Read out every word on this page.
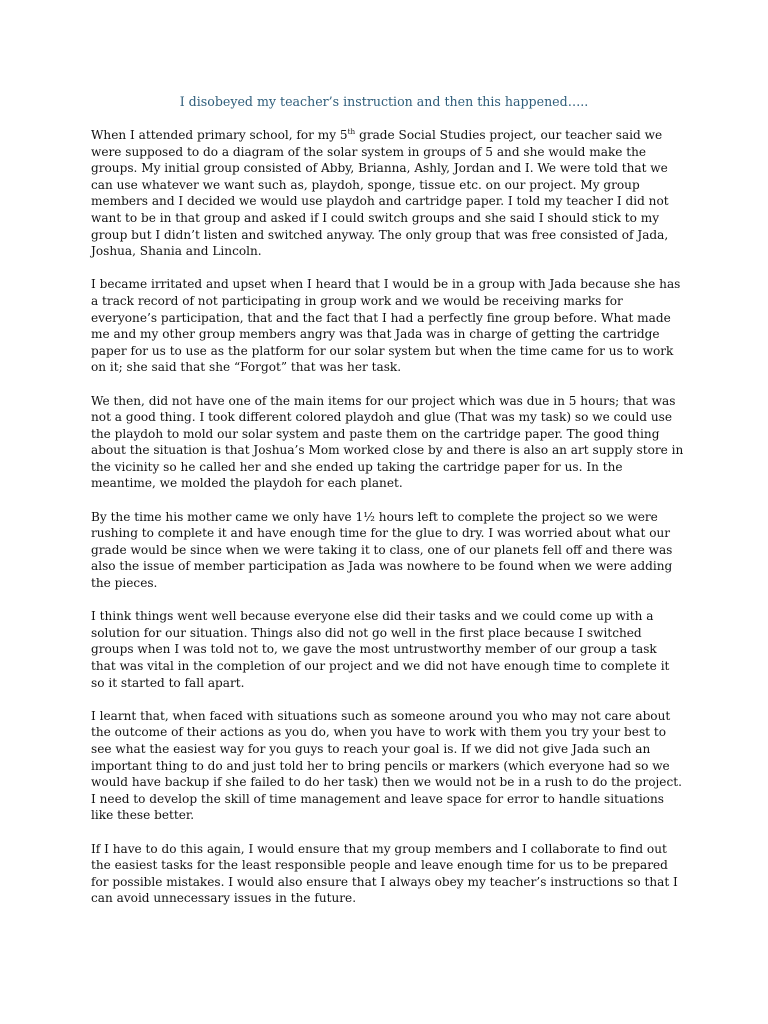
I disobeyed my teacher’s instruction and then this happened…..

When I attended primary school, for my 5th grade Social Studies project, our teacher said we were supposed to do a diagram of the solar system in groups of 5 and she would make the groups. My initial group consisted of Abby, Brianna, Ashly, Jordan and I. We were told that we can use whatever we want such as, playdoh, sponge, tissue etc. on our project. My group members and I decided we would use playdoh and cartridge paper. I told my teacher I did not want to be in that group and asked if I could switch groups and she said I should stick to my group but I didn’t listen and switched anyway. The only group that was free consisted of Jada, Joshua, Shania and Lincoln.

I became irritated and upset when I heard that I would be in a group with Jada because she has a track record of not participating in group work and we would be receiving marks for everyone’s participation, that and the fact that I had a perfectly fine group before. What made me and my other group members angry was that Jada was in charge of getting the cartridge paper for us to use as the platform for our solar system but when the time came for us to work on it; she said that she “Forgot” that was her task.

We then, did not have one of the main items for our project which was due in 5 hours; that was not a good thing. I took different colored playdoh and glue (That was my task) so we could use the playdoh to mold our solar system and paste them on the cartridge paper. The good thing about the situation is that Joshua’s Mom worked close by and there is also an art supply store in the vicinity so he called her and she ended up taking the cartridge paper for us. In the meantime, we molded the playdoh for each planet.

By the time his mother came we only have 1½ hours left to complete the project so we were rushing to complete it and have enough time for the glue to dry. I was worried about what our grade would be since when we were taking it to class, one of our planets fell off and there was also the issue of member participation as Jada was nowhere to be found when we were adding the pieces.

I think things went well because everyone else did their tasks and we could come up with a solution for our situation. Things also did not go well in the first place because I switched groups when I was told not to, we gave the most untrustworthy member of our group a task that was vital in the completion of our project and we did not have enough time to complete it so it started to fall apart.

I learnt that, when faced with situations such as someone around you who may not care about the outcome of their actions as you do, when you have to work with them you try your best to see what the easiest way for you guys to reach your goal is. If we did not give Jada such an important thing to do and just told her to bring pencils or markers (which everyone had so we would have backup if she failed to do her task) then we would not be in a rush to do the project. I need to develop the skill of time management and leave space for error to handle situations like these better.

If I have to do this again, I would ensure that my group members and I collaborate to find out the easiest tasks for the least responsible people and leave enough time for us to be prepared for possible mistakes. I would also ensure that I always obey my teacher’s instructions so that I can avoid unnecessary issues in the future.
